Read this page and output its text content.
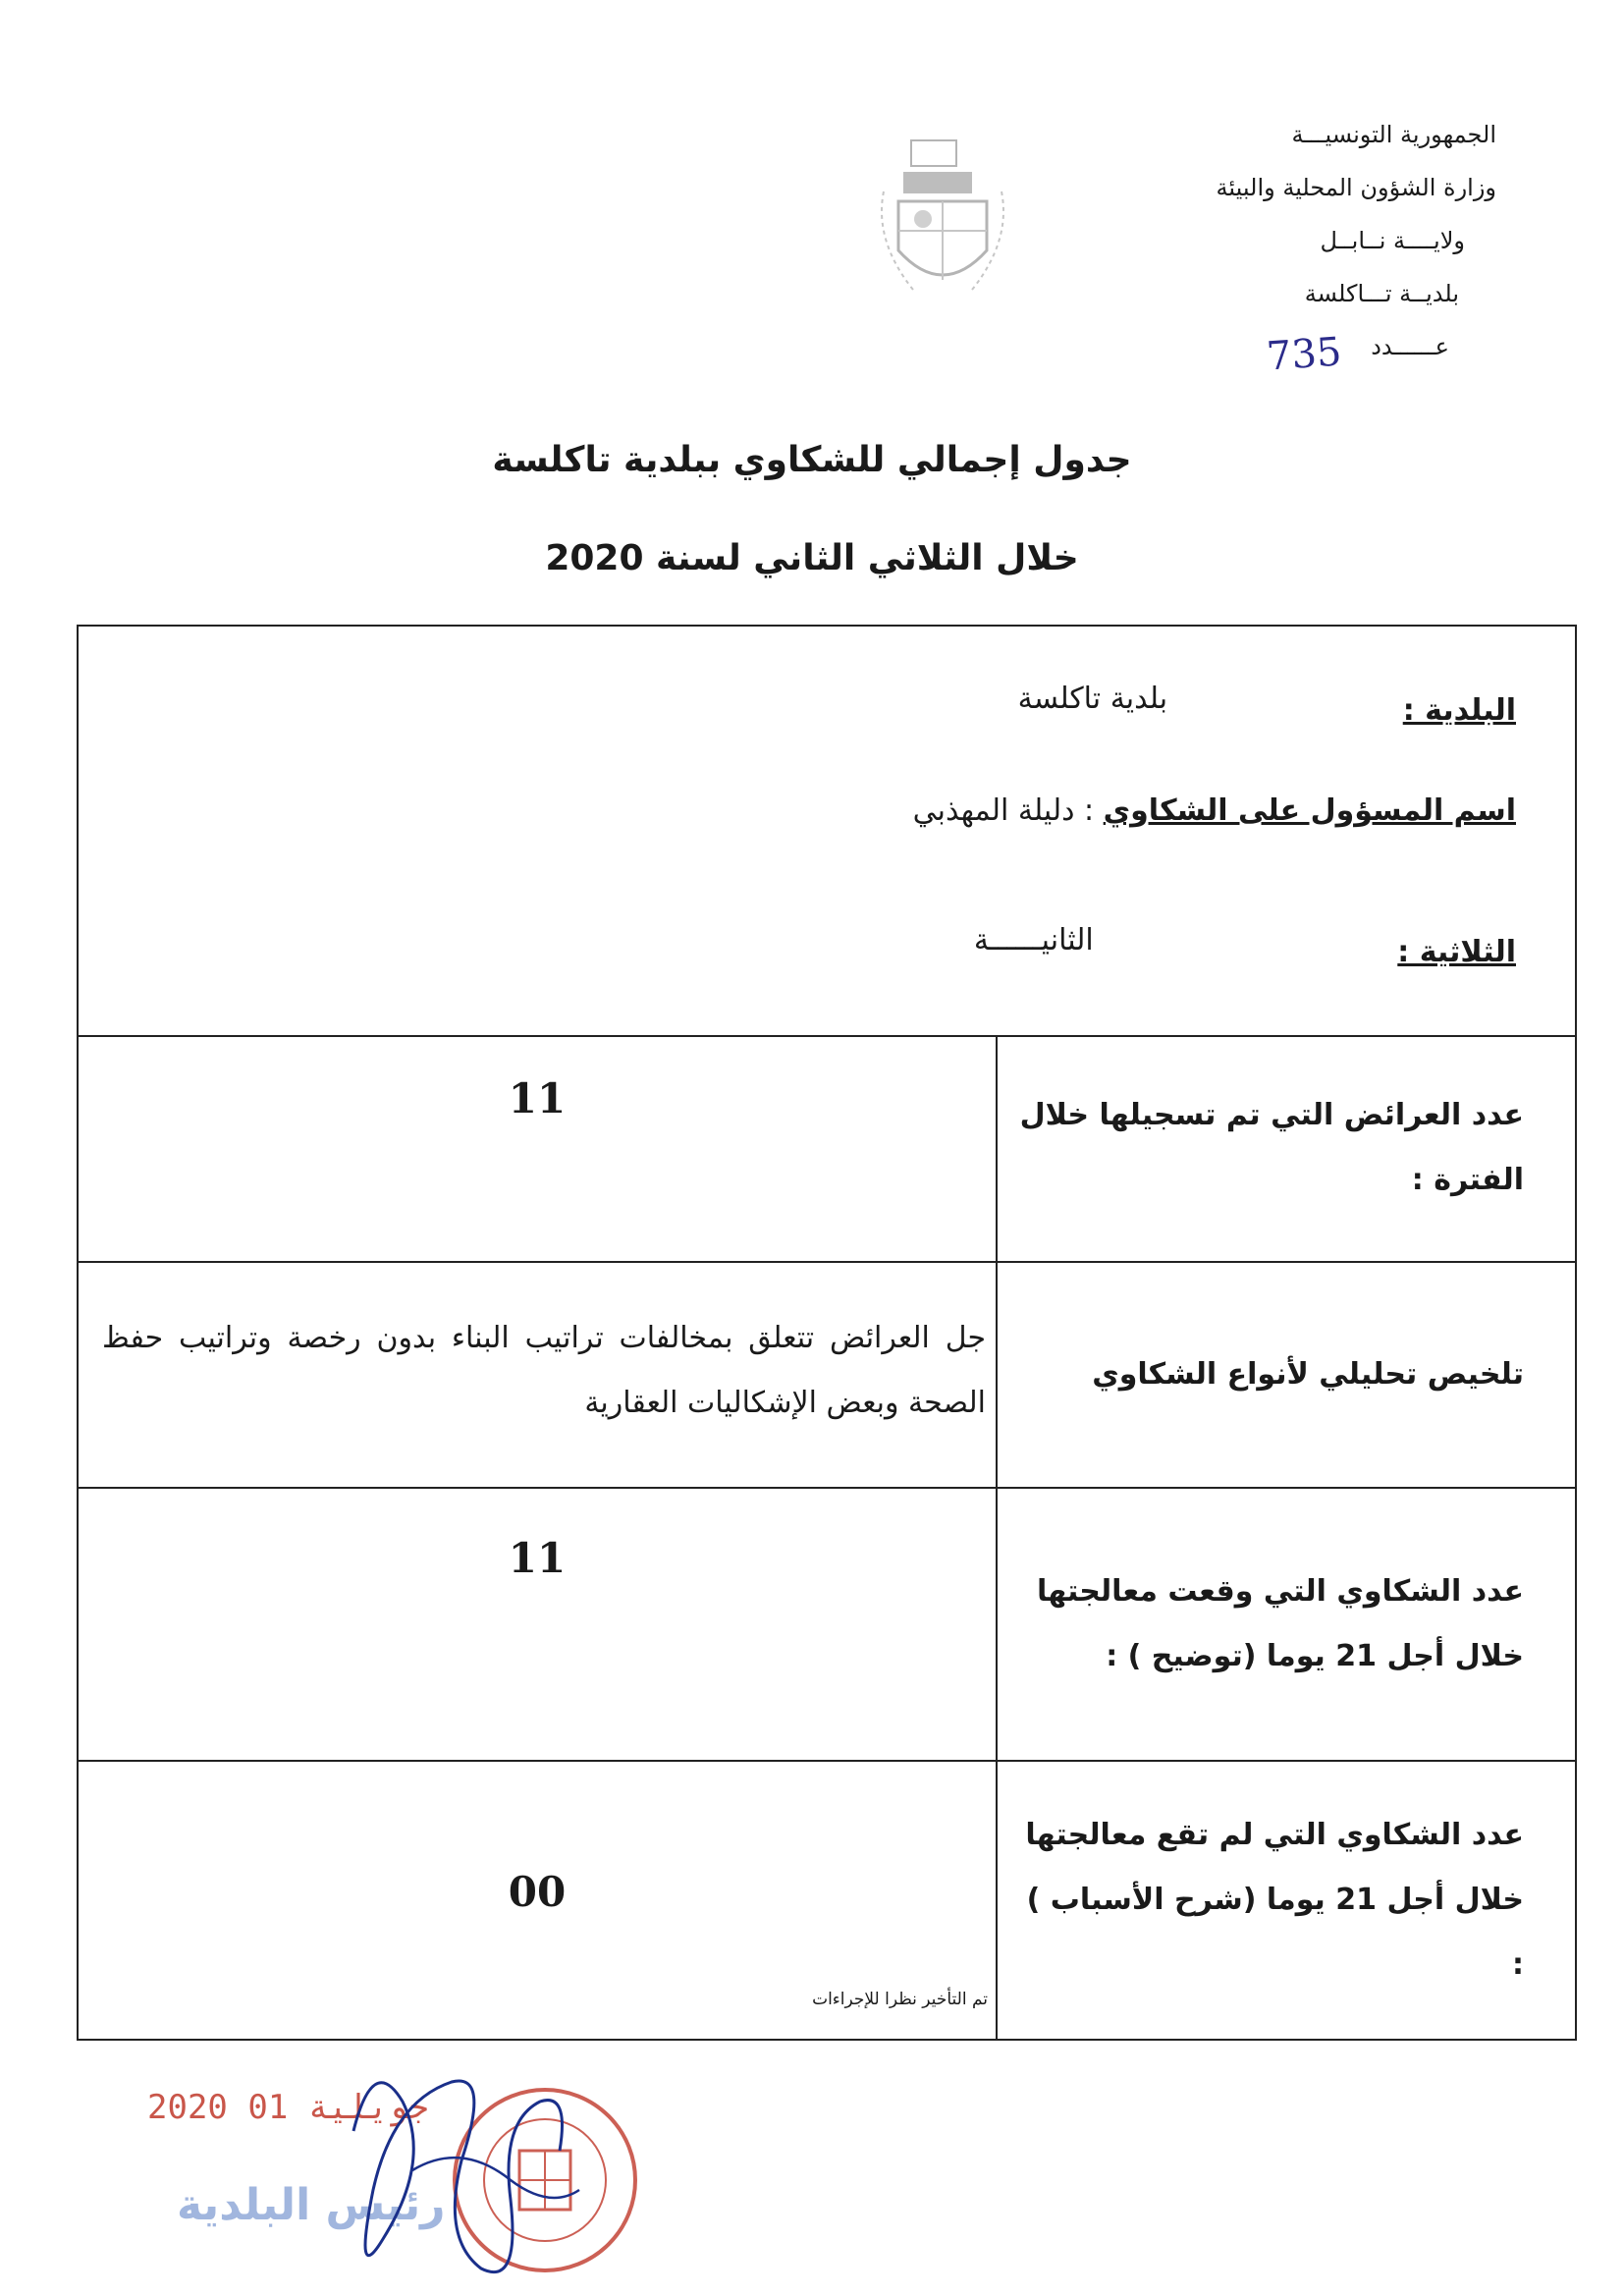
الجمهورية التونسيـــة
وزارة الشؤون المحلية والبيئة
ولايــــة نــابــل
بلديــة تـــاكلسة
عــــــدد
735
جدول إجمالي للشكاوي ببلدية تاكلسة
خلال الثلاثي الثاني لسنة 2020
البلدية : بلدية تاكلسة
اسم المسؤول على الشكاوي : دليلة المهذبي
الثلاثية : الثانيــــــة
عدد العرائض التي تم تسجيلها خلال الفترة :
11
تلخيص تحليلي لأنواع الشكاوي
جل العرائض تتعلق بمخالفات تراتيب البناء بدون رخصة وتراتيب حفظ الصحة وبعض الإشكاليات العقارية
عدد الشكاوي التي وقعت معالجتها خلال أجل 21 يوما (توضيح ) :
11
عدد الشكاوي التي لم تقع معالجتها خلال أجل 21 يوما (شرح الأسباب ) :
00
تم التأخير نظرا للإجراءات
2020 جويلية 01
رئيس البلدية
